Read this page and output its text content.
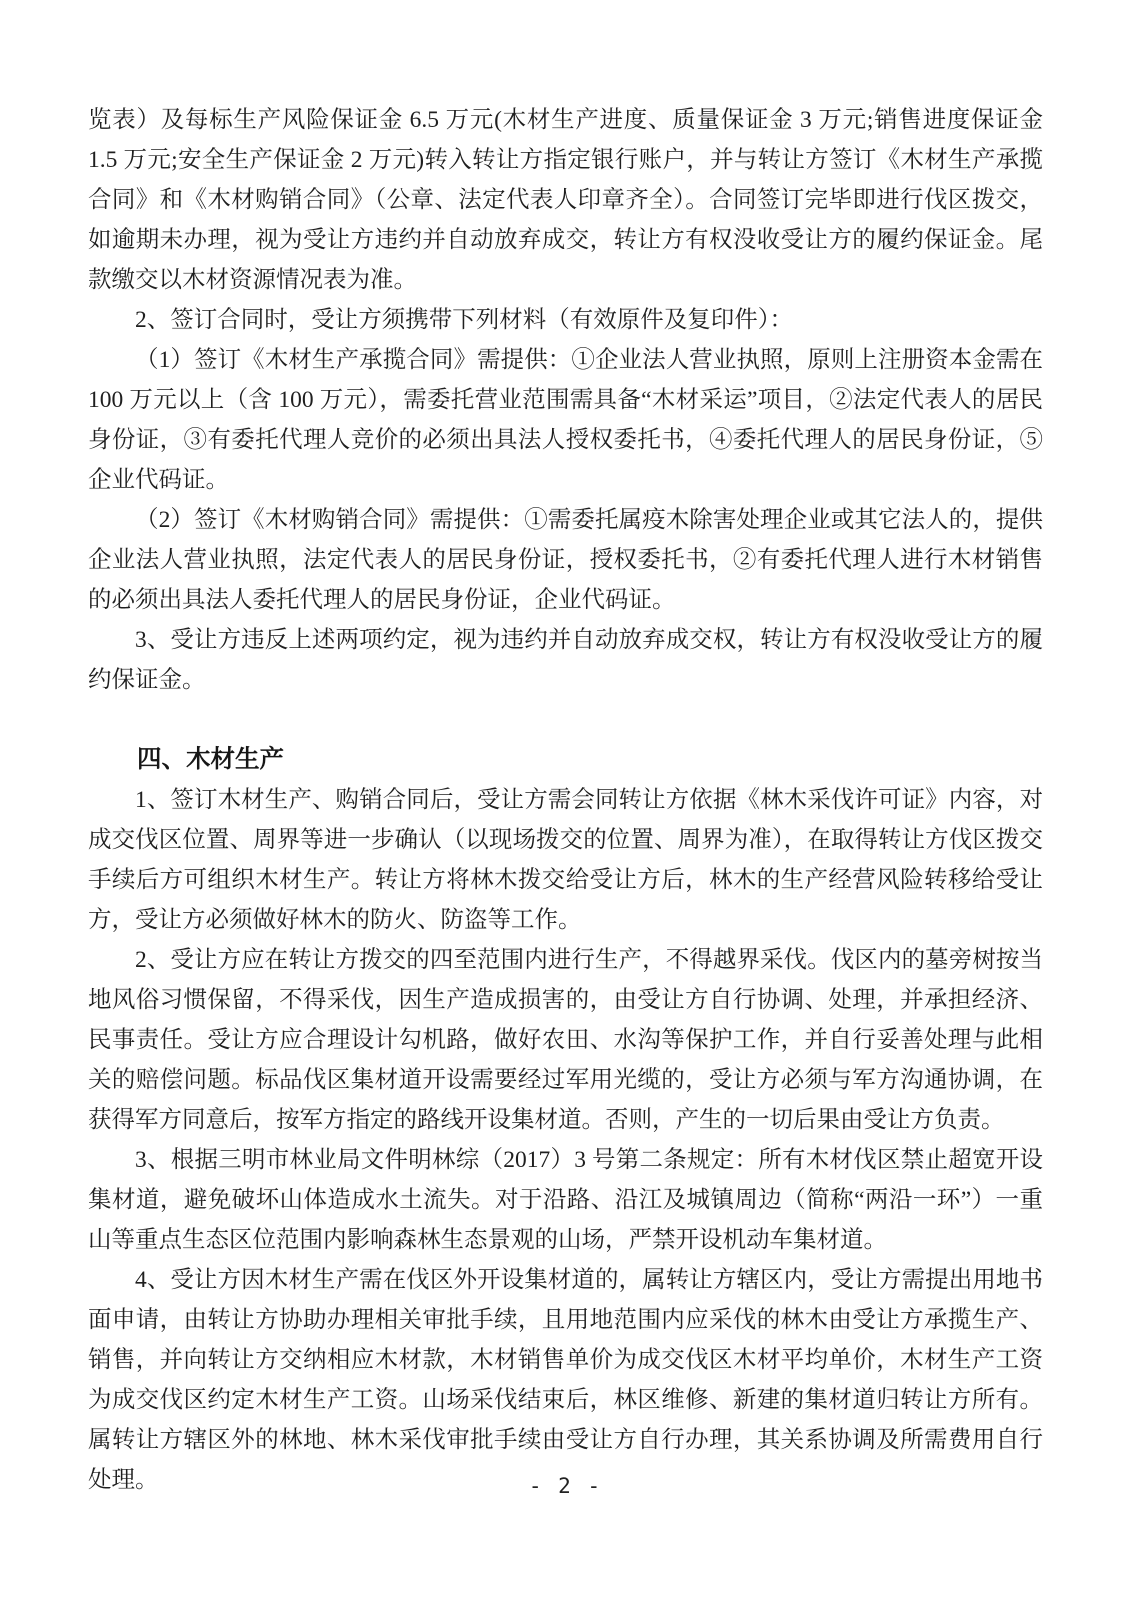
览表）及每标生产风险保证金 6.5 万元(木材生产进度、质量保证金 3 万元;销售进度保证金 1.5 万元;安全生产保证金 2 万元)转入转让方指定银行账户，并与转让方签订《木材生产承揽合同》和《木材购销合同》（公章、法定代表人印章齐全）。合同签订完毕即进行伐区拨交，如逾期未办理，视为受让方违约并自动放弃成交，转让方有权没收受让方的履约保证金。尾款缴交以木材资源情况表为准。

2、签订合同时，受让方须携带下列材料（有效原件及复印件）：

（1）签订《木材生产承揽合同》需提供：①企业法人营业执照，原则上注册资本金需在 100 万元以上（含 100 万元），需委托营业范围需具备“木材采运”项目，②法定代表人的居民身份证，③有委托代理人竞价的必须出具法人授权委托书，④委托代理人的居民身份证，⑤企业代码证。

（2）签订《木材购销合同》需提供：①需委托属疫木除害处理企业或其它法人的，提供企业法人营业执照，法定代表人的居民身份证，授权委托书，②有委托代理人进行木材销售的必须出具法人委托代理人的居民身份证，企业代码证。

3、受让方违反上述两项约定，视为违约并自动放弃成交权，转让方有权没收受让方的履约保证金。

四、木材生产

1、签订木材生产、购销合同后，受让方需会同转让方依据《林木采伐许可证》内容，对成交伐区位置、周界等进一步确认（以现场拨交的位置、周界为准），在取得转让方伐区拨交手续后方可组织木材生产。转让方将林木拨交给受让方后，林木的生产经营风险转移给受让方，受让方必须做好林木的防火、防盗等工作。

2、受让方应在转让方拨交的四至范围内进行生产，不得越界采伐。伐区内的墓旁树按当地风俗习惯保留，不得采伐，因生产造成损害的，由受让方自行协调、处理，并承担经济、民事责任。受让方应合理设计勾机路，做好农田、水沟等保护工作，并自行妥善处理与此相关的赔偿问题。标品伐区集材道开设需要经过军用光缆的，受让方必须与军方沟通协调，在获得军方同意后，按军方指定的路线开设集材道。否则，产生的一切后果由受让方负责。

3、根据三明市林业局文件明林综（2017）3 号第二条规定：所有木材伐区禁止超宽开设集材道，避免破坏山体造成水土流失。对于沿路、沿江及城镇周边（简称“两沿一环”）一重山等重点生态区位范围内影响森林生态景观的山场，严禁开设机动车集材道。

4、受让方因木材生产需在伐区外开设集材道的，属转让方辖区内，受让方需提出用地书面申请，由转让方协助办理相关审批手续，且用地范围内应采伐的林木由受让方承揽生产、销售，并向转让方交纳相应木材款，木材销售单价为成交伐区木材平均单价，木材生产工资为成交伐区约定木材生产工资。山场采伐结束后，林区维修、新建的集材道归转让方所有。属转让方辖区外的林地、林木采伐审批手续由受让方自行办理，其关系协调及所需费用自行处理。	- 2 -
